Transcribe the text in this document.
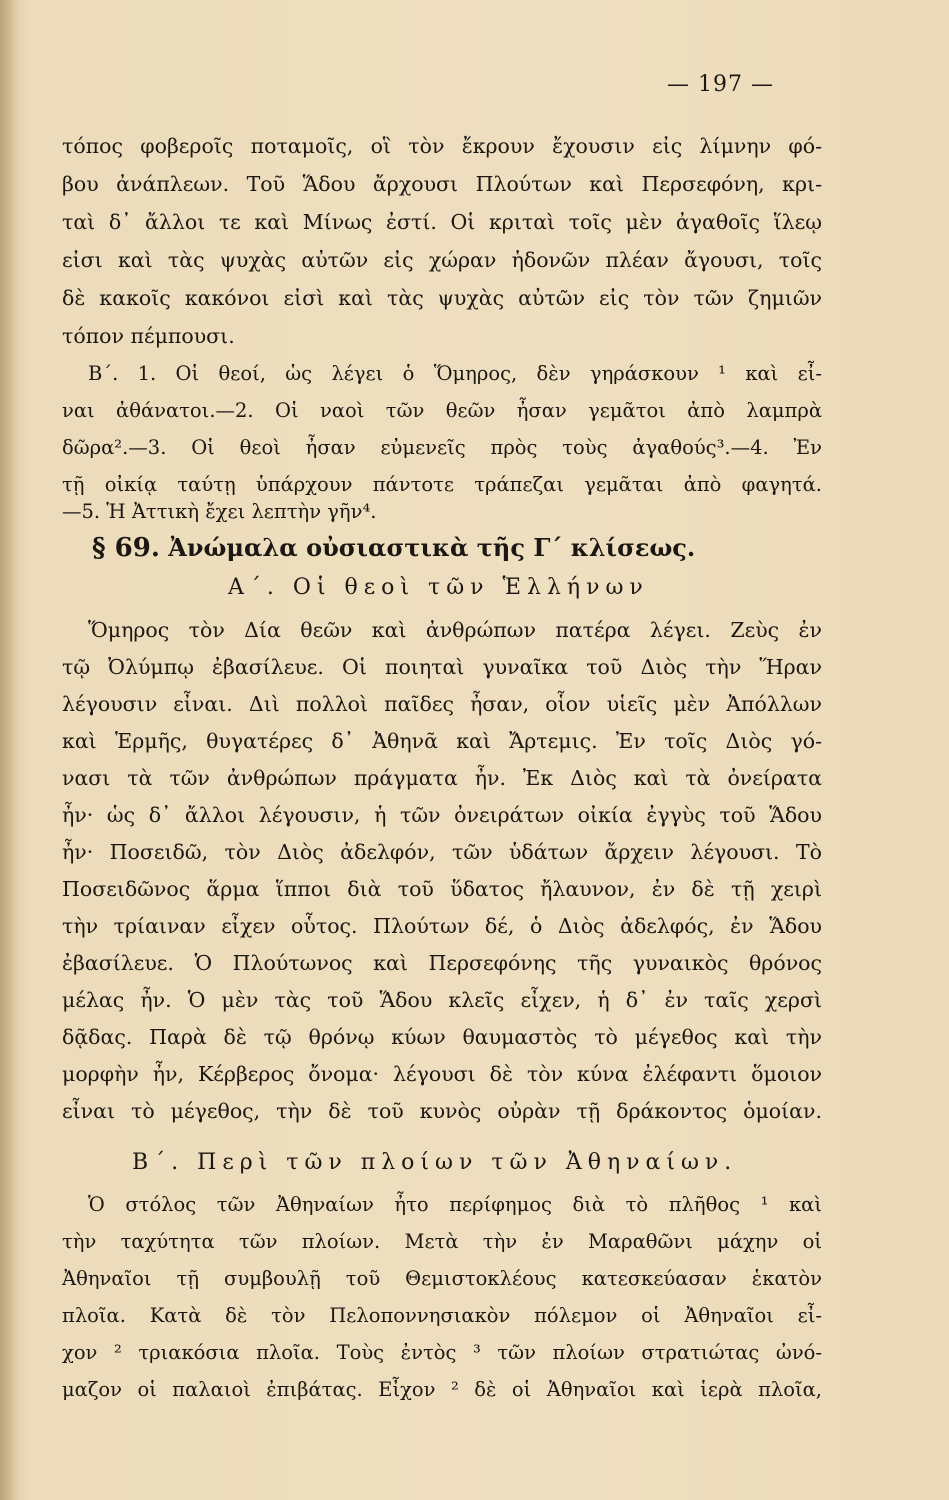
— 197 —
τόπος φοβεροῖς ποταμοῖς, οἳ τὸν ἔκρουν ἔχουσιν εἰς λίμνην φό-
βου ἀνάπλεων. Τοῦ Ἅδου ἄρχουσι Πλούτων καὶ Περσεφόνη, κρι-
ταὶ δ᾿ ἄλλοι τε καὶ Μίνως ἐστί. Οἱ κριταὶ τοῖς μὲν ἀγαθοῖς ἵλεῳ
εἰσι καὶ τὰς ψυχὰς αὐτῶν εἰς χώραν ἡδονῶν πλέαν ἄγουσι, τοῖς
δὲ κακοῖς κακόνοι εἰσὶ καὶ τὰς ψυχὰς αὐτῶν εἰς τὸν τῶν ζημιῶν
τόπον πέμπουσι.
Β΄. 1. Οἱ θεοί, ὡς λέγει ὁ Ὅμηρος, δὲν γηράσκουν ¹ καὶ εἶ-
ναι ἀθάνατοι.—2. Οἱ ναοὶ τῶν θεῶν ἦσαν γεμᾶτοι ἀπὸ λαμπρὰ
δῶρα².—3. Οἱ θεοὶ ἦσαν εὐμενεῖς πρὸς τοὺς ἀγαθούς³.—4. Ἐν
τῇ οἰκίᾳ ταύτῃ ὑπάρχουν πάντοτε τράπεζαι γεμᾶται ἀπὸ φαγητά.
—5. Ἡ Ἀττικὴ ἔχει λεπτὴν γῆν⁴.
§ 69. Ἀνώμαλα οὐσιαστικὰ τῆς Γ΄ κλίσεως.
Α΄. Οἱ θεοὶ τῶν Ἑλλήνων
Ὅμηρος τὸν Δία θεῶν καὶ ἀνθρώπων πατέρα λέγει. Ζεὺς ἐν
τῷ Ὀλύμπῳ ἐβασίλευε. Οἱ ποιηταὶ γυναῖκα τοῦ Διὸς τὴν Ἥραν
λέγουσιν εἶναι. Διὶ πολλοὶ παῖδες ἦσαν, οἷον υἱεῖς μὲν Ἀπόλλων
καὶ Ἑρμῆς, θυγατέρες δ᾿ Ἀθηνᾶ καὶ Ἄρτεμις. Ἐν τοῖς Διὸς γό-
νασι τὰ τῶν ἀνθρώπων πράγματα ἦν. Ἐκ Διὸς καὶ τὰ ὀνείρατα
ἦν· ὡς δ᾿ ἄλλοι λέγουσιν, ἡ τῶν ὀνειράτων οἰκία ἐγγὺς τοῦ Ἅδου
ἦν· Ποσειδῶ, τὸν Διὸς ἀδελφόν, τῶν ὑδάτων ἄρχειν λέγουσι. Τὸ
Ποσειδῶνος ἅρμα ἵπποι διὰ τοῦ ὕδατος ἤλαυνον, ἐν δὲ τῇ χειρὶ
τὴν τρίαιναν εἶχεν οὗτος. Πλούτων δέ, ὁ Διὸς ἀδελφός, ἐν Ἅδου
ἐβασίλευε. Ὁ Πλούτωνος καὶ Περσεφόνης τῆς γυναικὸς θρόνος
μέλας ἦν. Ὁ μὲν τὰς τοῦ Ἅδου κλεῖς εἶχεν, ἡ δ᾿ ἐν ταῖς χερσὶ
δᾷδας. Παρὰ δὲ τῷ θρόνῳ κύων θαυμαστὸς τὸ μέγεθος καὶ τὴν
μορφὴν ἦν, Κέρβερος ὄνομα· λέγουσι δὲ τὸν κύνα ἐλέφαντι ὅμοιον
εἶναι τὸ μέγεθος, τὴν δὲ τοῦ κυνὸς οὐρὰν τῇ δράκοντος ὁμοίαν.
Β΄. Περὶ τῶν πλοίων τῶν Ἀθηναίων.
Ὁ στόλος τῶν Ἀθηναίων ἦτο περίφημος διὰ τὸ πλῆθος ¹ καὶ
τὴν ταχύτητα τῶν πλοίων. Μετὰ τὴν ἐν Μαραθῶνι μάχην οἱ
Ἀθηναῖοι τῇ συμβουλῇ τοῦ Θεμιστοκλέους κατεσκεύασαν ἑκατὸν
πλοῖα. Κατὰ δὲ τὸν Πελοποννησιακὸν πόλεμον οἱ Ἀθηναῖοι εἶ-
χον ² τριακόσια πλοῖα. Τοὺς ἐντὸς ³ τῶν πλοίων στρατιώτας ὠνό-
μαζον οἱ παλαιοὶ ἐπιβάτας. Εἶχον ² δὲ οἱ Ἀθηναῖοι καὶ ἱερὰ πλοῖα,
